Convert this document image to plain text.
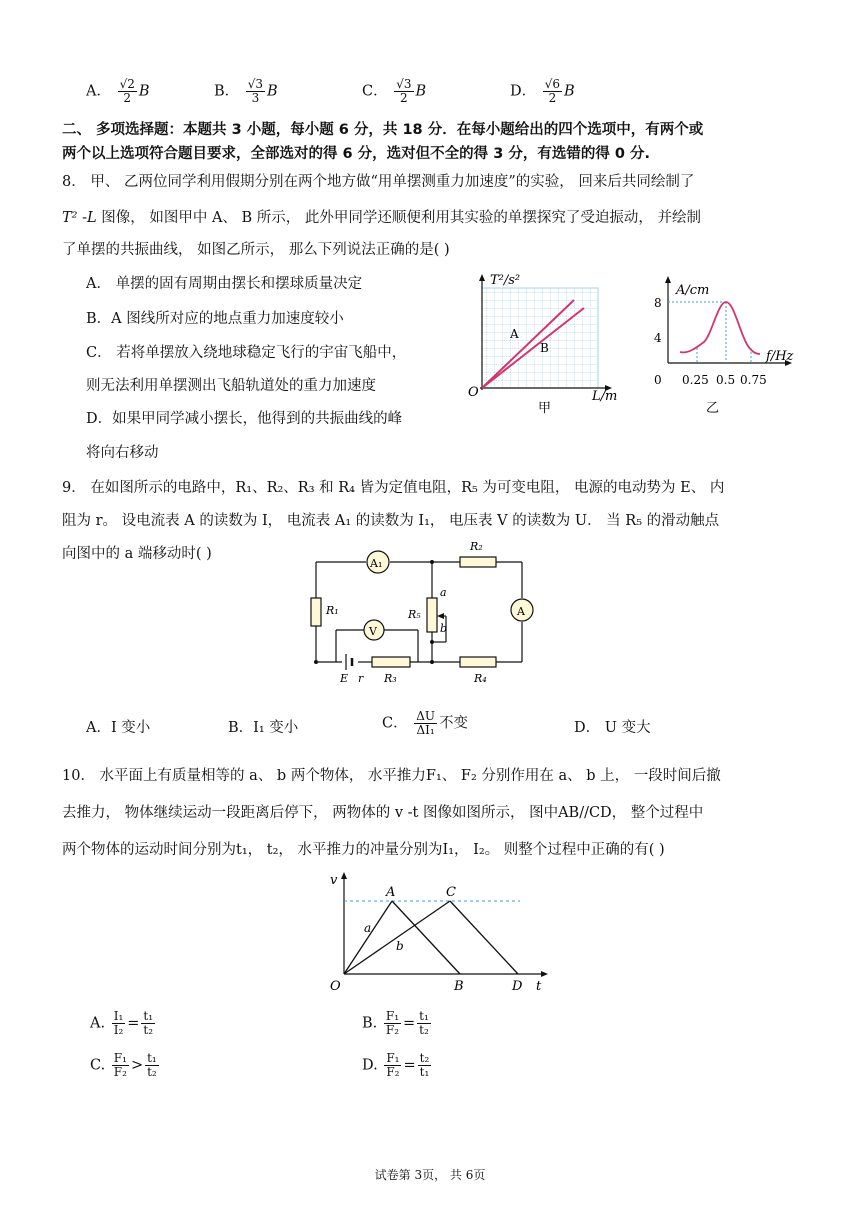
A． $\frac{√2}{2}$ B	B． $\frac{√3}{3}$ B	C． $\frac{√3}{2}$ B	D． $\frac{√6}{2}$ B
二、 多项选择题：本题共 3 小题，每小题 6 分，共 18 分．在每小题给出的四个选项中，有两个或
两个以上选项符合题目要求，全部选对的得 6 分，选对但不全的得 3 分，有选错的得 0 分.
8． 甲、 乙两位同学利用假期分别在两个地方做“用单摆测重力加速度”的实验， 回来后共同绘制了
T² -L 图像， 如图甲中 A、 B 所示， 此外甲同学还顺便利用其实验的单摆探究了受迫振动， 并绘制
了单摆的共振曲线， 如图乙所示， 那么下列说法正确的是( )
A． 单摆的固有周期由摆长和摆球质量决定
B．A 图线所对应的地点重力加速度较小
C． 若将单摆放入绕地球稳定飞行的宇宙飞船中，
则无法利用单摆测出飞船轨道处的重力加速度
D．如果甲同学减小摆长，他得到的共振曲线的峰
将向右移动
T²/s²
A
B
O	L/m
甲
A/cm
8
4
f/Hz
0 0.25 0.5 0.75
乙
9． 在如图所示的电路中，R₁、R₂、R₃ 和 R₄ 皆为定值电阻，R₅ 为可变电阻， 电源的电动势为 E、 内
阻为 r。 设电流表 A 的读数为 I， 电流表 A₁ 的读数为 I₁， 电压表 V 的读数为 U． 当 R₅ 的滑动触点
向图中的 a 端移动时( )
A₁
A
V
R₁
R₂
R₃	R₄
R₅
a
b
E r
A．I 变小	B．I₁ 变小	C． $\frac{\Delta U}{\text{ΔI₁}}$ 不变	D． U 变大
10． 水平面上有质量相等的 a、 b 两个物体， 水平推力F₁、 F₂ 分别作用在 a、 b 上， 一段时间后撤
去推力， 物体继续运动一段距离后停下， 两物体的 v -t 图像如图所示， 图中AB//CD， 整个过程中
两个物体的运动时间分别为t₁， t₂， 水平推力的冲量分别为I₁， I₂。 则整个过程中正确的有( )
v
A	C
a
b
O	B	D t
A. $\frac{\text{I₁}}{\text{I₂}} = \frac{\text{t₁}}{\text{t₂}}$	B. $\frac{\text{F₁}}{\text{F₂}} = \frac{\text{t₁}}{\text{t₂}}$
C. $\frac{\text{F₁}}{\text{F₂}} > \frac{\text{t₁}}{\text{t₂}}$	D. $\frac{\text{F₁}}{\text{F₂}} = \frac{\text{t₂}}{\text{t₁}}$
试卷第 3页， 共 6页
